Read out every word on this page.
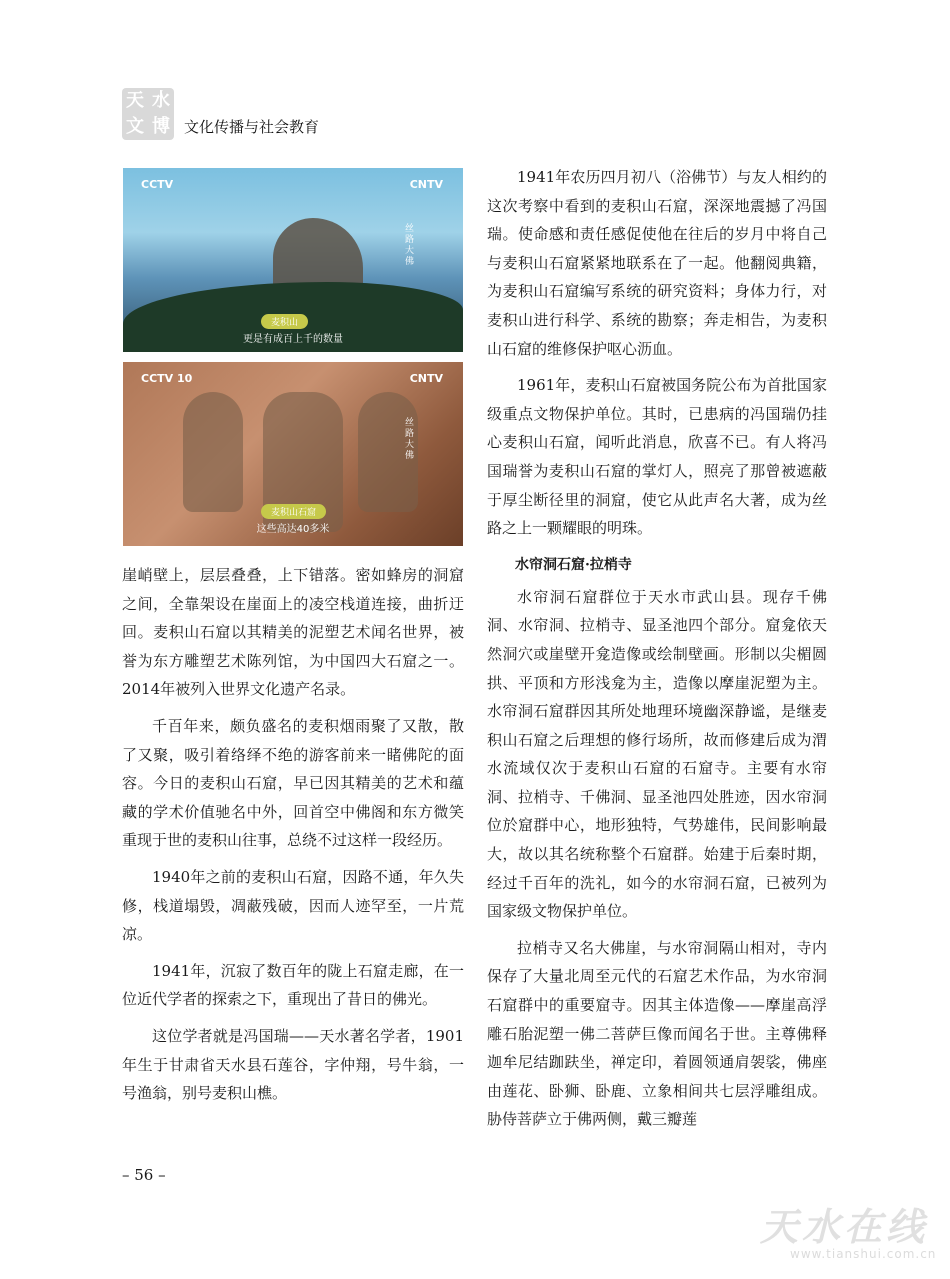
天 水
文 博 文化传播与社会教育
CCTV	CNTV
丝路大佛
麦积山
更是有成百上千的数量
CCTV 10	CNTV
丝路大佛
麦积山石窟
这些高达40多米

崖峭壁上，层层叠叠，上下错落。密如蜂房的洞窟之间，全靠架设在崖面上的凌空栈道连接，曲折迂回。麦积山石窟以其精美的泥塑艺术闻名世界，被誉为东方雕塑艺术陈列馆，为中国四大石窟之一。2014年被列入世界文化遗产名录。

千百年来，颇负盛名的麦积烟雨聚了又散，散了又聚，吸引着络绎不绝的游客前来一睹佛陀的面容。今日的麦积山石窟，早已因其精美的艺术和蕴藏的学术价值驰名中外，回首空中佛阁和东方微笑重现于世的麦积山往事，总绕不过这样一段经历。

1940年之前的麦积山石窟，因路不通，年久失修，栈道塌毁，凋蔽残破，因而人迹罕至，一片荒凉。

1941年，沉寂了数百年的陇上石窟走廊，在一位近代学者的探索之下，重现出了昔日的佛光。

这位学者就是冯国瑞——天水著名学者，1901年生于甘肃省天水县石莲谷，字仲翔，号牛翁，一号渔翁，别号麦积山樵。

1941年农历四月初八（浴佛节）与友人相约的这次考察中看到的麦积山石窟，深深地震撼了冯国瑞。使命感和责任感促使他在往后的岁月中将自己与麦积山石窟紧紧地联系在了一起。他翻阅典籍，为麦积山石窟编写系统的研究资料；身体力行，对麦积山进行科学、系统的勘察；奔走相告，为麦积山石窟的维修保护呕心沥血。

1961年，麦积山石窟被国务院公布为首批国家级重点文物保护单位。其时，已患病的冯国瑞仍挂心麦积山石窟，闻听此消息，欣喜不已。有人将冯国瑞誉为麦积山石窟的掌灯人，照亮了那曾被遮蔽于厚尘断径里的洞窟，使它从此声名大著，成为丝路之上一颗耀眼的明珠。

水帘洞石窟·拉梢寺

水帘洞石窟群位于天水市武山县。现存千佛洞、水帘洞、拉梢寺、显圣池四个部分。窟龛依天然洞穴或崖壁开龛造像或绘制壁画。形制以尖楣圆拱、平顶和方形浅龛为主，造像以摩崖泥塑为主。水帘洞石窟群因其所处地理环境幽深静谧，是继麦积山石窟之后理想的修行场所，故而修建后成为渭水流域仅次于麦积山石窟的石窟寺。主要有水帘洞、拉梢寺、千佛洞、显圣池四处胜迹，因水帘洞位於窟群中心，地形独特，气势雄伟，民间影响最大，故以其名统称整个石窟群。始建于后秦时期，经过千百年的洗礼，如今的水帘洞石窟，已被列为国家级文物保护单位。

拉梢寺又名大佛崖，与水帘洞隔山相对，寺内保存了大量北周至元代的石窟艺术作品，为水帘洞石窟群中的重要窟寺。因其主体造像——摩崖高浮雕石胎泥塑一佛二菩萨巨像而闻名于世。主尊佛释迦牟尼结跏趺坐，禅定印，着圆领通肩袈裟，佛座由莲花、卧狮、卧鹿、立象相间共七层浮雕组成。胁侍菩萨立于佛两侧，戴三瓣莲

– 56 –
天水在线
www.tianshui.com.cn
